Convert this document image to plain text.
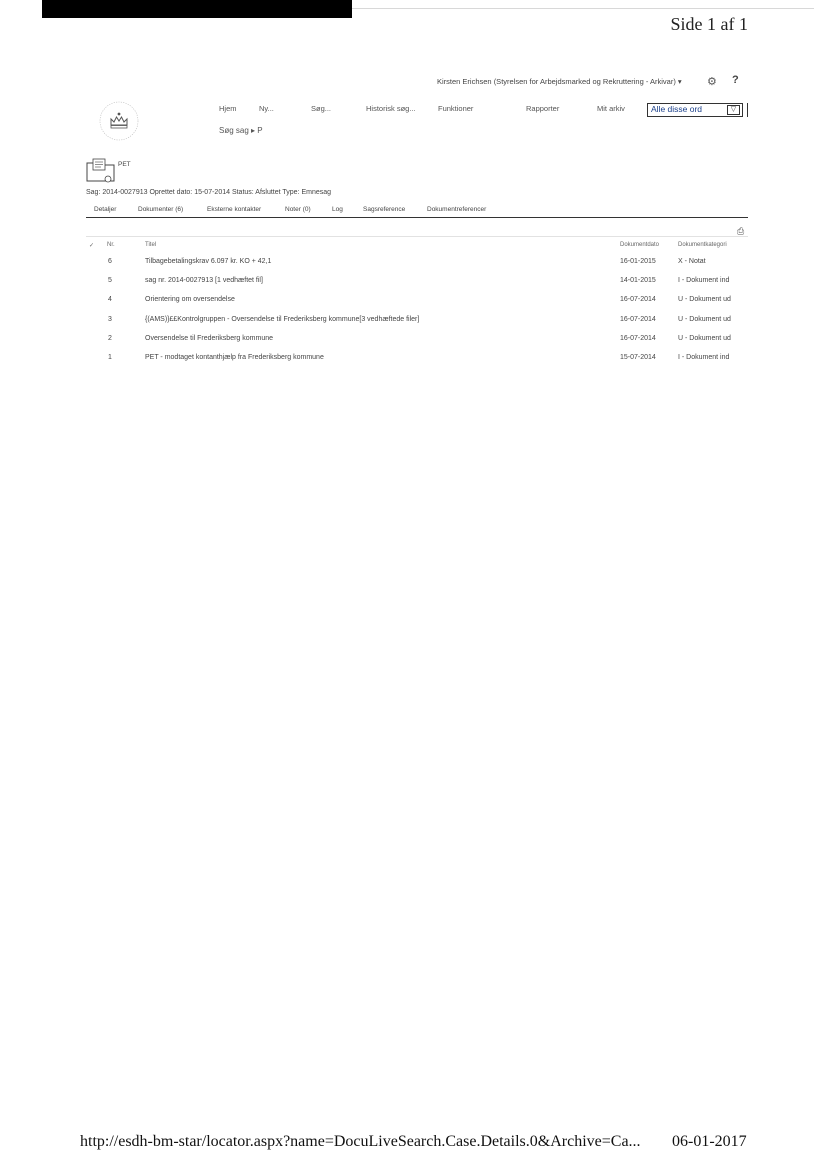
Side 1 af 1
Kirsten Erichsen (Styrelsen for Arbejdsmarked og Rekruttering - Arkivar) ▾ ⚙ ?
Hjem	Ny...	Søg...	Historisk søg...	Funktioner	Rapporter	Mit arkiv	Alle disse ord	▽
Søg sag ▸ P
PET
Sag: 2014-0027913 Oprettet dato: 15-07-2014 Status: Afsluttet Type: Emnesag
Detaljer	Dokumenter (6)	Eksterne kontakter	Noter (0)	Log	Sagsreference	Dokumentreferencer
⎙
✓ Nr.	Titel	Dokumentdato	Dokumentkategori
6	Tilbagebetalingskrav 6.097 kr. KO + 42,1	16-01-2015	X - Notat
5	sag nr. 2014-0027913 [1 vedhæftet fil]	14-01-2015	I - Dokument ind
4	Orientering om oversendelse	16-07-2014	U - Dokument ud
3	{(AMS)}££Kontrolgruppen - Oversendelse til Frederiksberg kommune[3 vedhæftede filer]	16-07-2014	U - Dokument ud
2	Oversendelse til Frederiksberg kommune	16-07-2014	U - Dokument ud
1	PET - modtaget kontanthjælp fra Frederiksberg kommune	15-07-2014	I - Dokument ind
http://esdh-bm-star/locator.aspx?name=DocuLiveSearch.Case.Details.0&Archive=Ca... 06-01-2017
